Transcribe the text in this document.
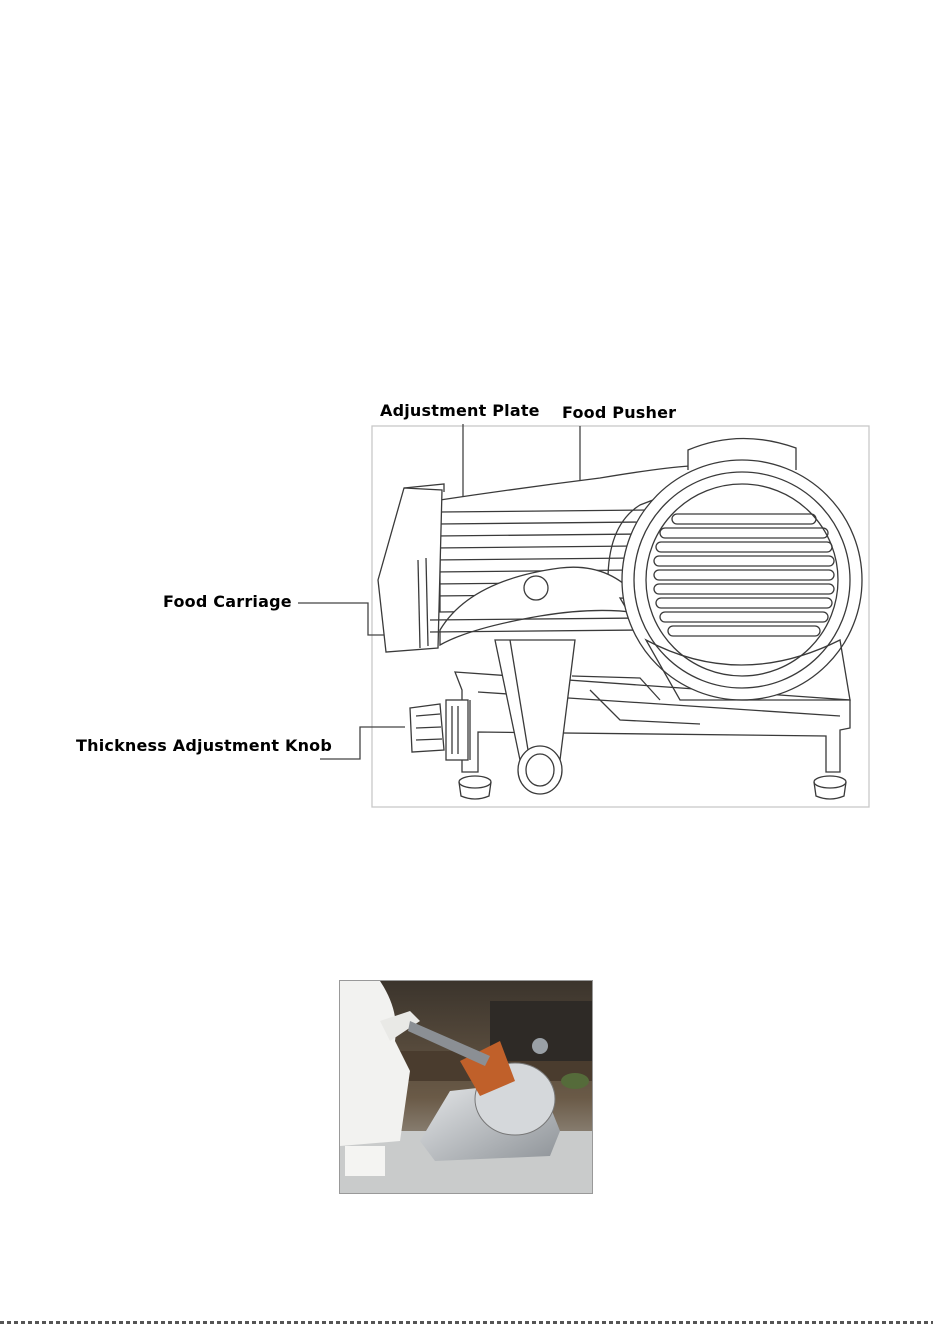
Adjustment Plate Food Pusher
Food Carriage
Thickness Adjustment Knob
